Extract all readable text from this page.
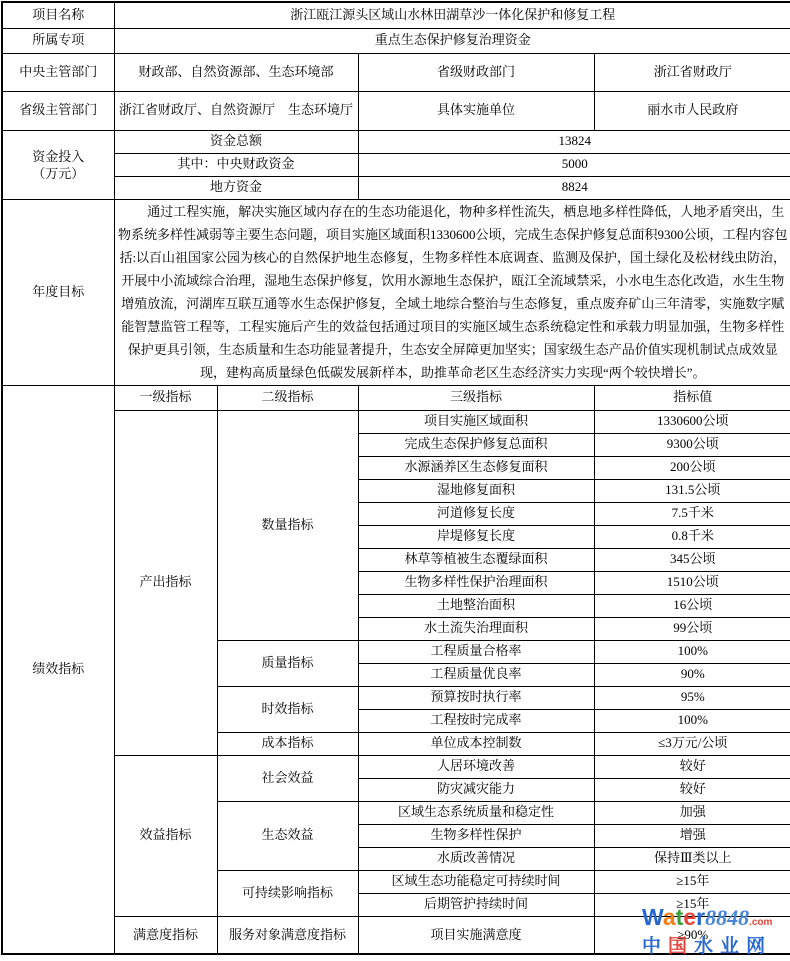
项目名称	浙江瓯江源头区域山水林田湖草沙一体化保护和修复工程			
所属专项	重点生态保护修复治理资金			
中央主管部门	财政部、自然资源部、生态环境部		省级财政部门	浙江省财政厅
省级主管部门	浙江省财政厅、自然资源厅　生态环境厅		具体实施单位	丽水市人民政府

资金投入
（万元）	资金总额		13824	
	其中：中央财政资金		5000	
	地方资金		8824	
年度目标	通过工程实施，解决实施区域内存在的生态功能退化，物种多样性流失，栖息地多样性降低，人地矛盾突出，生物系统多样性减弱等主要生态问题，项目实施区域面积1330600公顷，完成生态保护修复总面积9300公顷，工程内容包括:以百山祖国家公园为核心的自然保护地生态修复，生物多样性本底调查、监测及保护，国土绿化及松材线虫防治，开展中小流域综合治理，湿地生态保护修复，饮用水源地生态保护，瓯江全流域禁采，小水电生态化改造，水生生物增殖放流，河湖库互联互通等水生态保护修复，全域土地综合整治与生态修复，重点废弃矿山三年清零，实施数字赋能智慧监管工程等，工程实施后产生的效益包括通过项目的实施区域生态系统稳定性和承载力明显加强，生物多样性保护更具引领，生态质量和生态功能显著提升，生态安全屏障更加坚实；国家级生态产品价值实现机制试点成效显现，建构高质量绿色低碳发展新样本，助推革命老区生态经济实力实现“两个较快增长”。			

绩效指标	一级指标	二级指标	三级指标	指标值
	产出指标	数量指标	项目实施区域面积	1330600公顷
			完成生态保护修复总面积	9300公顷
			水源涵养区生态修复面积	200公顷
			湿地修复面积	131.5公顷
			河道修复长度	7.5千米
			岸堤修复长度	0.8千米
			林草等植被生态覆绿面积	345公顷
			生物多样性保护治理面积	1510公顷
			土地整治面积	16公顷
			水土流失治理面积	99公顷
		质量指标	工程质量合格率	100%
			工程质量优良率	90%
		时效指标	预算按时执行率	95%
			工程按时完成率	100%
		成本指标	单位成本控制数	≤3万元/公顷
	效益指标	社会效益	人居环境改善	较好
			防灾减灾能力	较好
		生态效益	区域生态系统质量和稳定性	加强
			生物多样性保护	增强
			水质改善情况	保持Ⅲ类以上
		可持续影响指标	区域生态功能稳定可持续时间	≥15年
			后期管护持续时间	≥15年
	满意度指标	服务对象满意度指标	项目实施满意度	≥90%
Water8848.com
中国水业网
